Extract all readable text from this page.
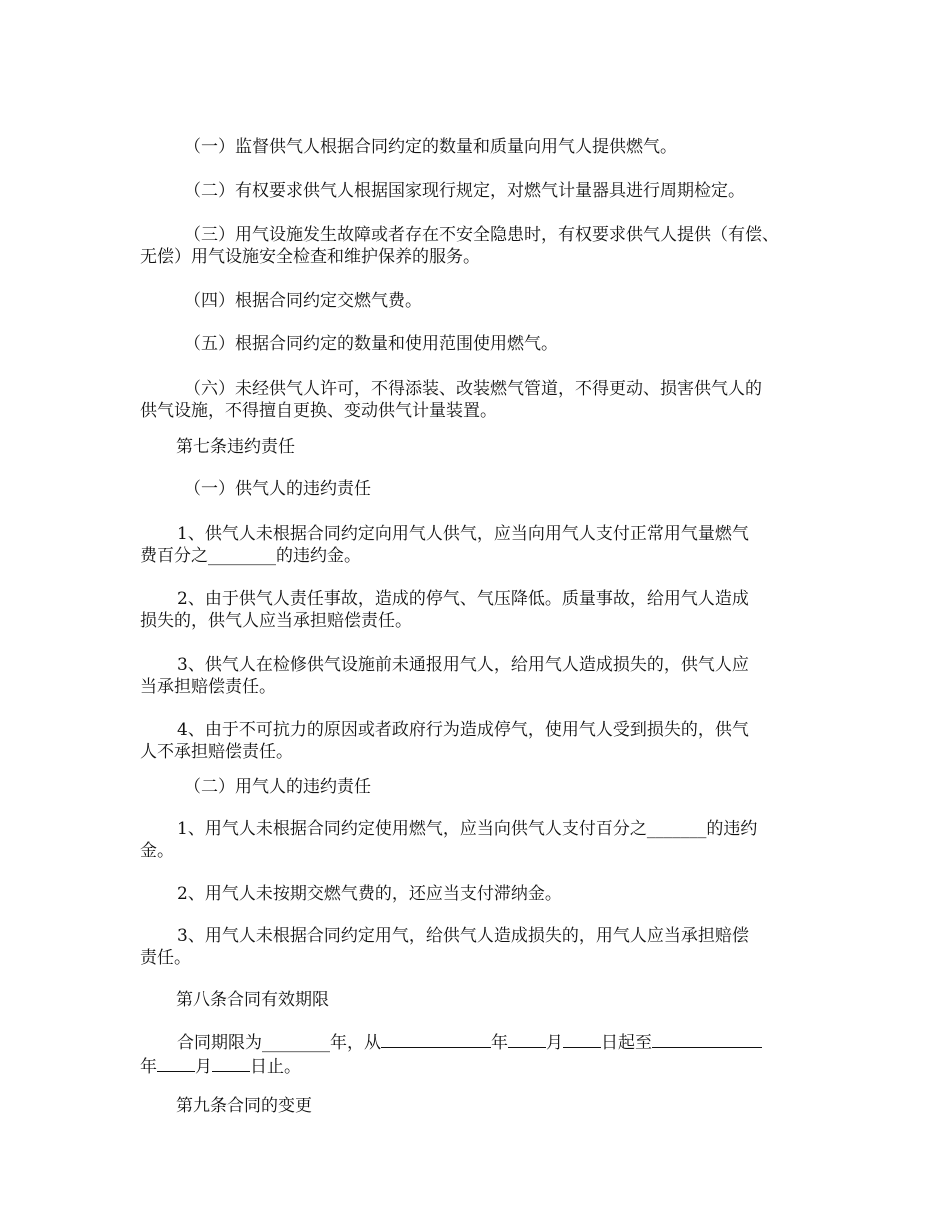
（一）监督供气人根据合同约定的数量和质量向用气人提供燃气。

（二）有权要求供气人根据国家现行规定，对燃气计量器具进行周期检定。

（三）用气设施发生故障或者存在不安全隐患时，有权要求供气人提供（有偿、
无偿）用气设施安全检查和维护保养的服务。

（四）根据合同约定交燃气费。

（五）根据合同约定的数量和使用范围使用燃气。

（六）未经供气人许可，不得添装、改装燃气管道，不得更动、损害供气人的
供气设施，不得擅自更换、变动供气计量装置。

第七条违约责任

（一）供气人的违约责任

1、供气人未根据合同约定向用气人供气，应当向用气人支付正常用气量燃气
费百分之________的违约金。

2、由于供气人责任事故，造成的停气、气压降低。质量事故，给用气人造成
损失的，供气人应当承担赔偿责任。

3、供气人在检修供气设施前未通报用气人，给用气人造成损失的，供气人应
当承担赔偿责任。

4、由于不可抗力的原因或者政府行为造成停气，使用气人受到损失的，供气
人不承担赔偿责任。

（二）用气人的违约责任

1、用气人未根据合同约定使用燃气，应当向供气人支付百分之_______的违约
金。

2、用气人未按期交燃气费的，还应当支付滞纳金。

3、用气人未根据合同约定用气，给供气人造成损失的，用气人应当承担赔偿
责任。

第八条合同有效期限

合同期限为________年，从	年 月 日起至
年 月 日止。

第九条合同的变更
